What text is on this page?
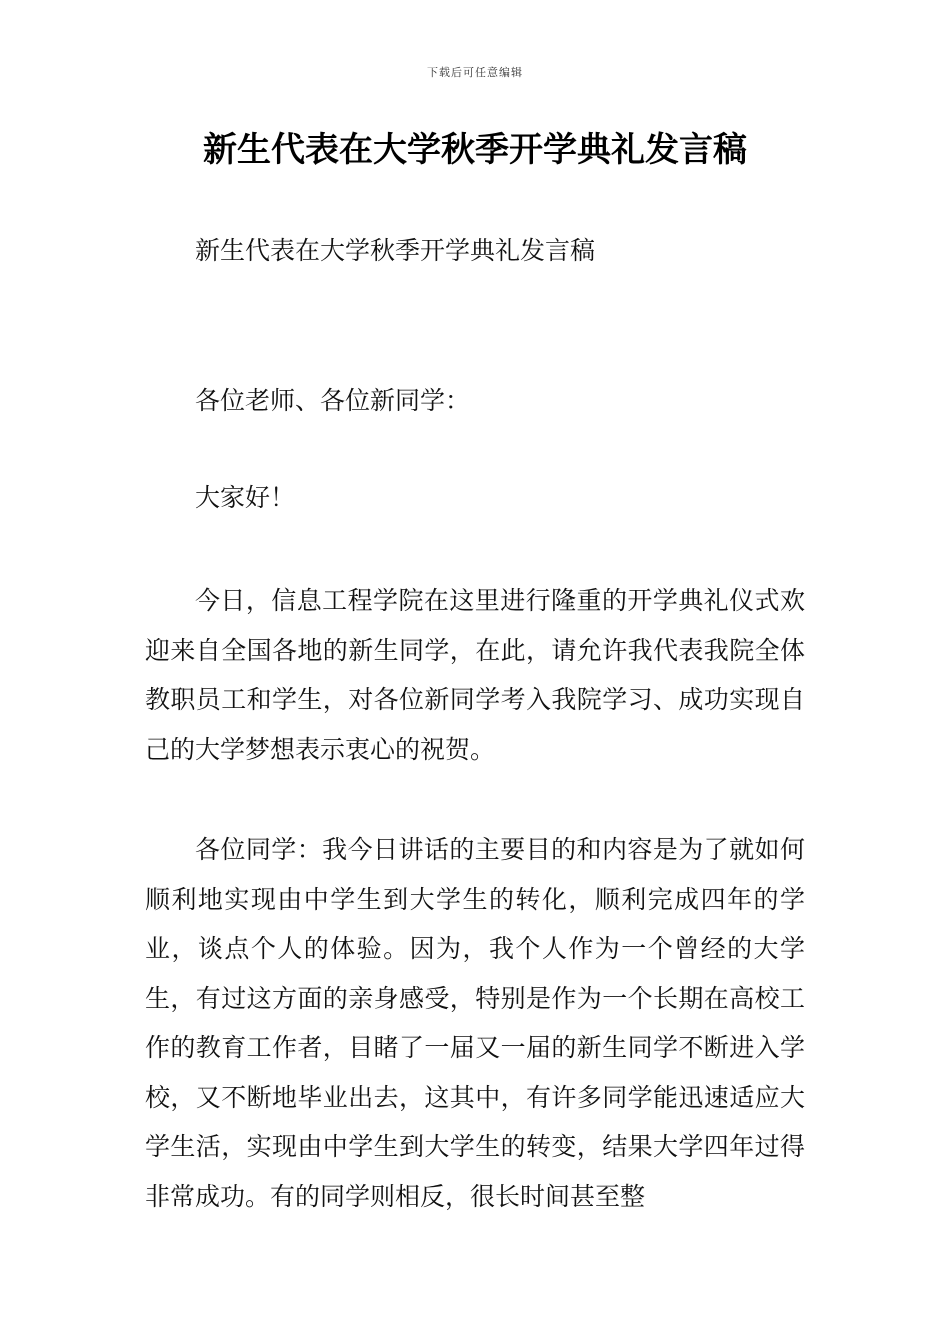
下载后可任意编辑
新生代表在大学秋季开学典礼发言稿

新生代表在大学秋季开学典礼发言稿

各位老师、各位新同学：

大家好！

今日，信息工程学院在这里进行隆重的开学典礼仪式欢迎来自全国各地的新生同学，在此，请允许我代表我院全体教职员工和学生，对各位新同学考入我院学习、成功实现自己的大学梦想表示衷心的祝贺。

各位同学：我今日讲话的主要目的和内容是为了就如何顺利地实现由中学生到大学生的转化，顺利完成四年的学业，谈点个人的体验。因为，我个人作为一个曾经的大学生，有过这方面的亲身感受，特别是作为一个长期在高校工作的教育工作者，目睹了一届又一届的新生同学不断进入学校，又不断地毕业出去，这其中，有许多同学能迅速适应大学生活，实现由中学生到大学生的转变，结果大学四年过得非常成功。有的同学则相反，很长时间甚至整
